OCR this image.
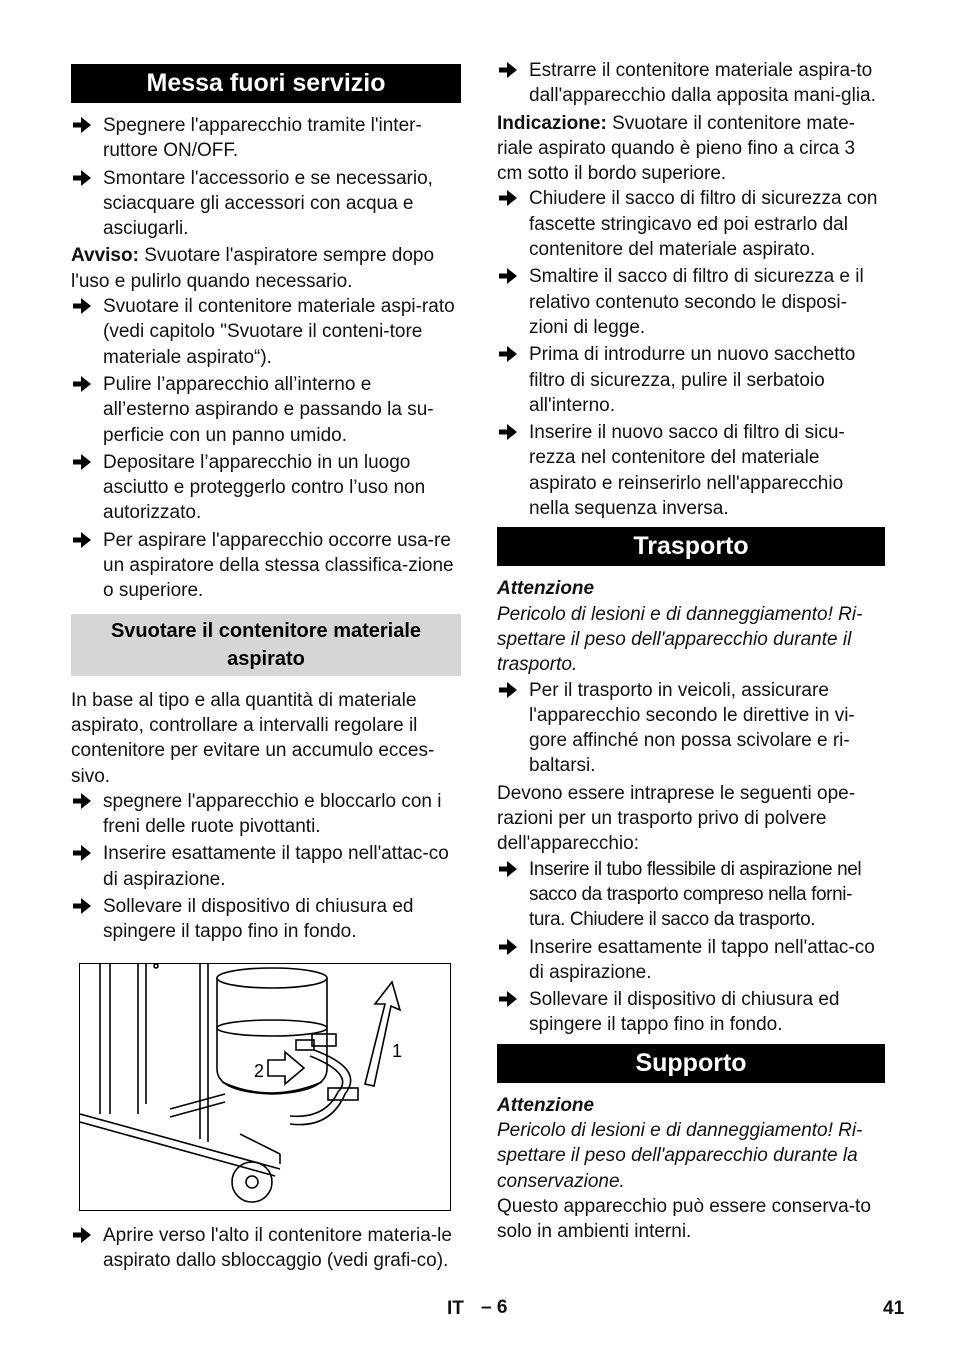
Messa fuori servizio
Spegnere l'apparecchio tramite l'inter-ruttore ON/OFF.
Smontare l'accessorio e se necessario, sciacquare gli accessori con acqua e asciugarli.

Avviso: Svuotare l'aspiratore sempre dopo l'uso e pulirlo quando necessario.

Svuotare il contenitore materiale aspi-rato (vedi capitolo "Svuotare il conteni-tore materiale aspirato“).
Pulire l’apparecchio all’interno e all’esterno aspirando e passando la su-perficie con un panno umido.
Depositare l’apparecchio in un luogo asciutto e proteggerlo contro l’uso non autorizzato.
Per aspirare l'apparecchio occorre usa-re un aspiratore della stessa classifica-zione o superiore.
Svuotare il contenitore materiale aspirato

In base al tipo e alla quantità di materiale aspirato, controllare a intervalli regolare il contenitore per evitare un accumulo ecces-sivo.

spegnere l'apparecchio e bloccarlo con i freni delle ruote pivottanti.
Inserire esattamente il tappo nell'attac-co di aspirazione.
Sollevare il dispositivo di chiusura ed spingere il tappo fino in fondo.
1
2
Aprire verso l'alto il contenitore materia-le aspirato dallo sbloccaggio (vedi grafi-co).
Estrarre il contenitore materiale aspira-to dall'apparecchio dalla apposita mani-glia.

Indicazione: Svuotare il contenitore mate-riale aspirato quando è pieno fino a circa 3 cm sotto il bordo superiore.

Chiudere il sacco di filtro di sicurezza con fascette stringicavo ed poi estrarlo dal contenitore del materiale aspirato.
Smaltire il sacco di filtro di sicurezza e il relativo contenuto secondo le disposi-zioni di legge.
Prima di introdurre un nuovo sacchetto filtro di sicurezza, pulire il serbatoio all'interno.
Inserire il nuovo sacco di filtro di sicu-rezza nel contenitore del materiale aspirato e reinserirlo nell'apparecchio nella sequenza inversa.
Trasporto

Attenzione

Pericolo di lesioni e di danneggiamento! Ri-spettare il peso dell'apparecchio durante il trasporto.

Per il trasporto in veicoli, assicurare l'apparecchio secondo le direttive in vi-gore affinché non possa scivolare e ri-baltarsi.

Devono essere intraprese le seguenti ope-razioni per un trasporto privo di polvere dell'apparecchio:

Inserire il tubo flessibile di aspirazione nel sacco da trasporto compreso nella forni-tura. Chiudere il sacco da trasporto.
Inserire esattamente il tappo nell'attac-co di aspirazione.
Sollevare il dispositivo di chiusura ed spingere il tappo fino in fondo.
Supporto

Attenzione

Pericolo di lesioni e di danneggiamento! Ri-spettare il peso dell'apparecchio durante la conservazione.

Questo apparecchio può essere conserva-to solo in ambienti interni.

IT – 6	41
